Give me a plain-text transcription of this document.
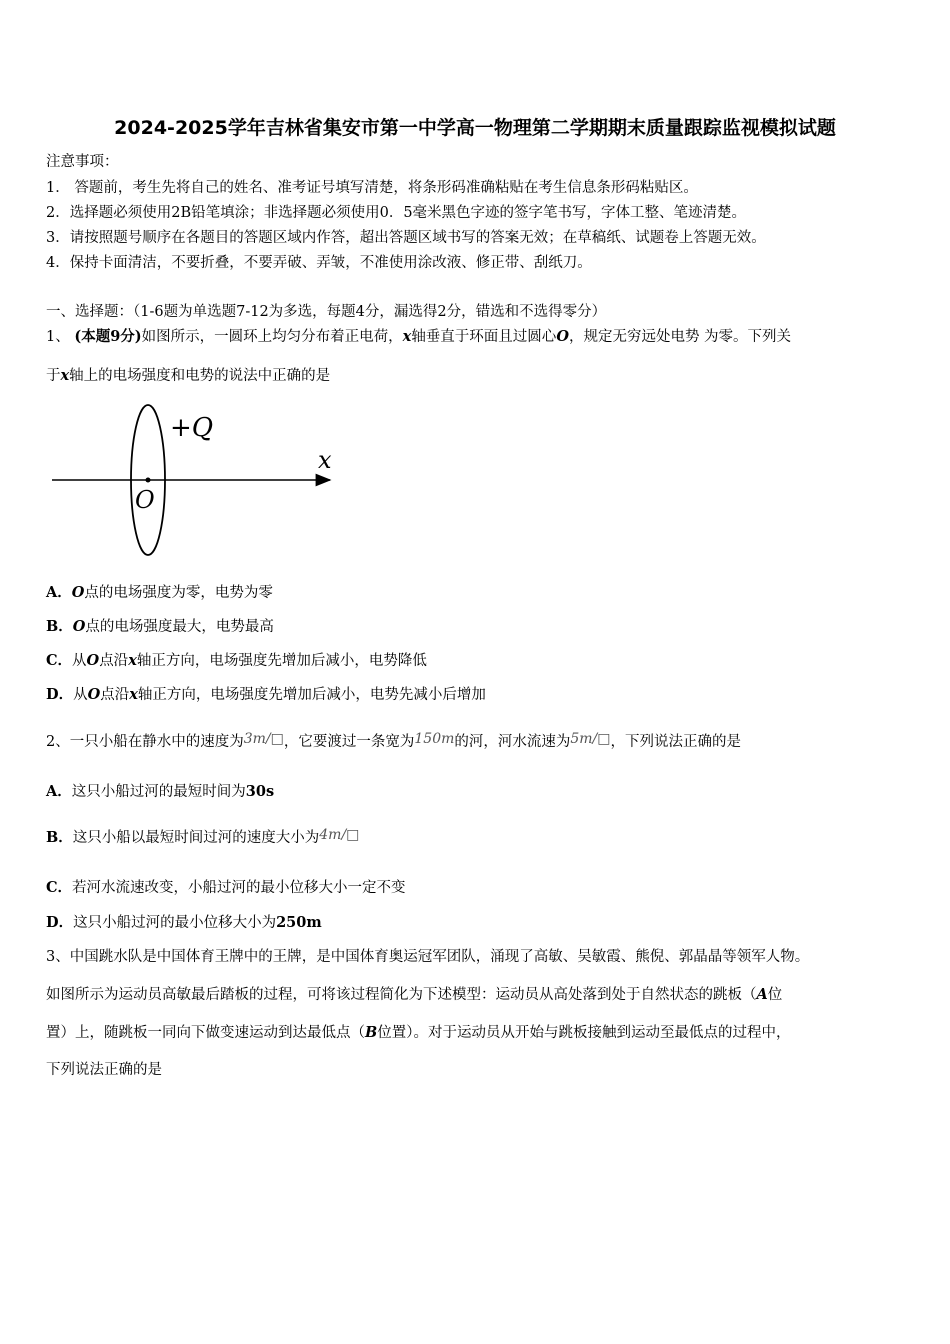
2024-2025学年吉林省集安市第一中学高一物理第二学期期末质量跟踪监视模拟试题
注意事项：
1． 答题前，考生先将自己的姓名、准考证号填写清楚，将条形码准确粘贴在考生信息条形码粘贴区。
2．选择题必须使用2B铅笔填涂；非选择题必须使用0．5毫米黑色字迹的签字笔书写，字体工整、笔迹清楚。
3．请按照题号顺序在各题目的答题区域内作答，超出答题区域书写的答案无效；在草稿纸、试题卷上答题无效。
4．保持卡面清洁，不要折叠，不要弄破、弄皱，不准使用涂改液、修正带、刮纸刀。
一、选择题：（1-6题为单选题7-12为多选，每题4分，漏选得2分，错选和不选得零分）
1、 (本题9分)如图所示，一圆环上均匀分布着正电荷，x轴垂直于环面且过圆心O，规定无穷远处电势 为零。下列关
于x轴上的电场强度和电势的说法中正确的是
+Q
x
O
A．O点的电场强度为零，电势为零
B．O点的电场强度最大，电势最高
C．从O点沿x轴正方向，电场强度先增加后减小，电势降低
D．从O点沿x轴正方向，电场强度先增加后减小，电势先减小后增加
2、一只小船在静水中的速度为3m/□，它要渡过一条宽为150m的河，河水流速为5m/□，下列说法正确的是
A．这只小船过河的最短时间为30s
B．这只小船以最短时间过河的速度大小为4m/□
C．若河水流速改变，小船过河的最小位移大小一定不变
D．这只小船过河的最小位移大小为250m
3、中国跳水队是中国体育王牌中的王牌，是中国体育奥运冠军团队，涌现了高敏、吴敏霞、熊倪、郭晶晶等领军人物。
如图所示为运动员高敏最后踏板的过程，可将该过程简化为下述模型：运动员从高处落到处于自然状态的跳板（A位
置）上，随跳板一同向下做变速运动到达最低点（B位置）。对于运动员从开始与跳板接触到运动至最低点的过程中，
下列说法正确的是
